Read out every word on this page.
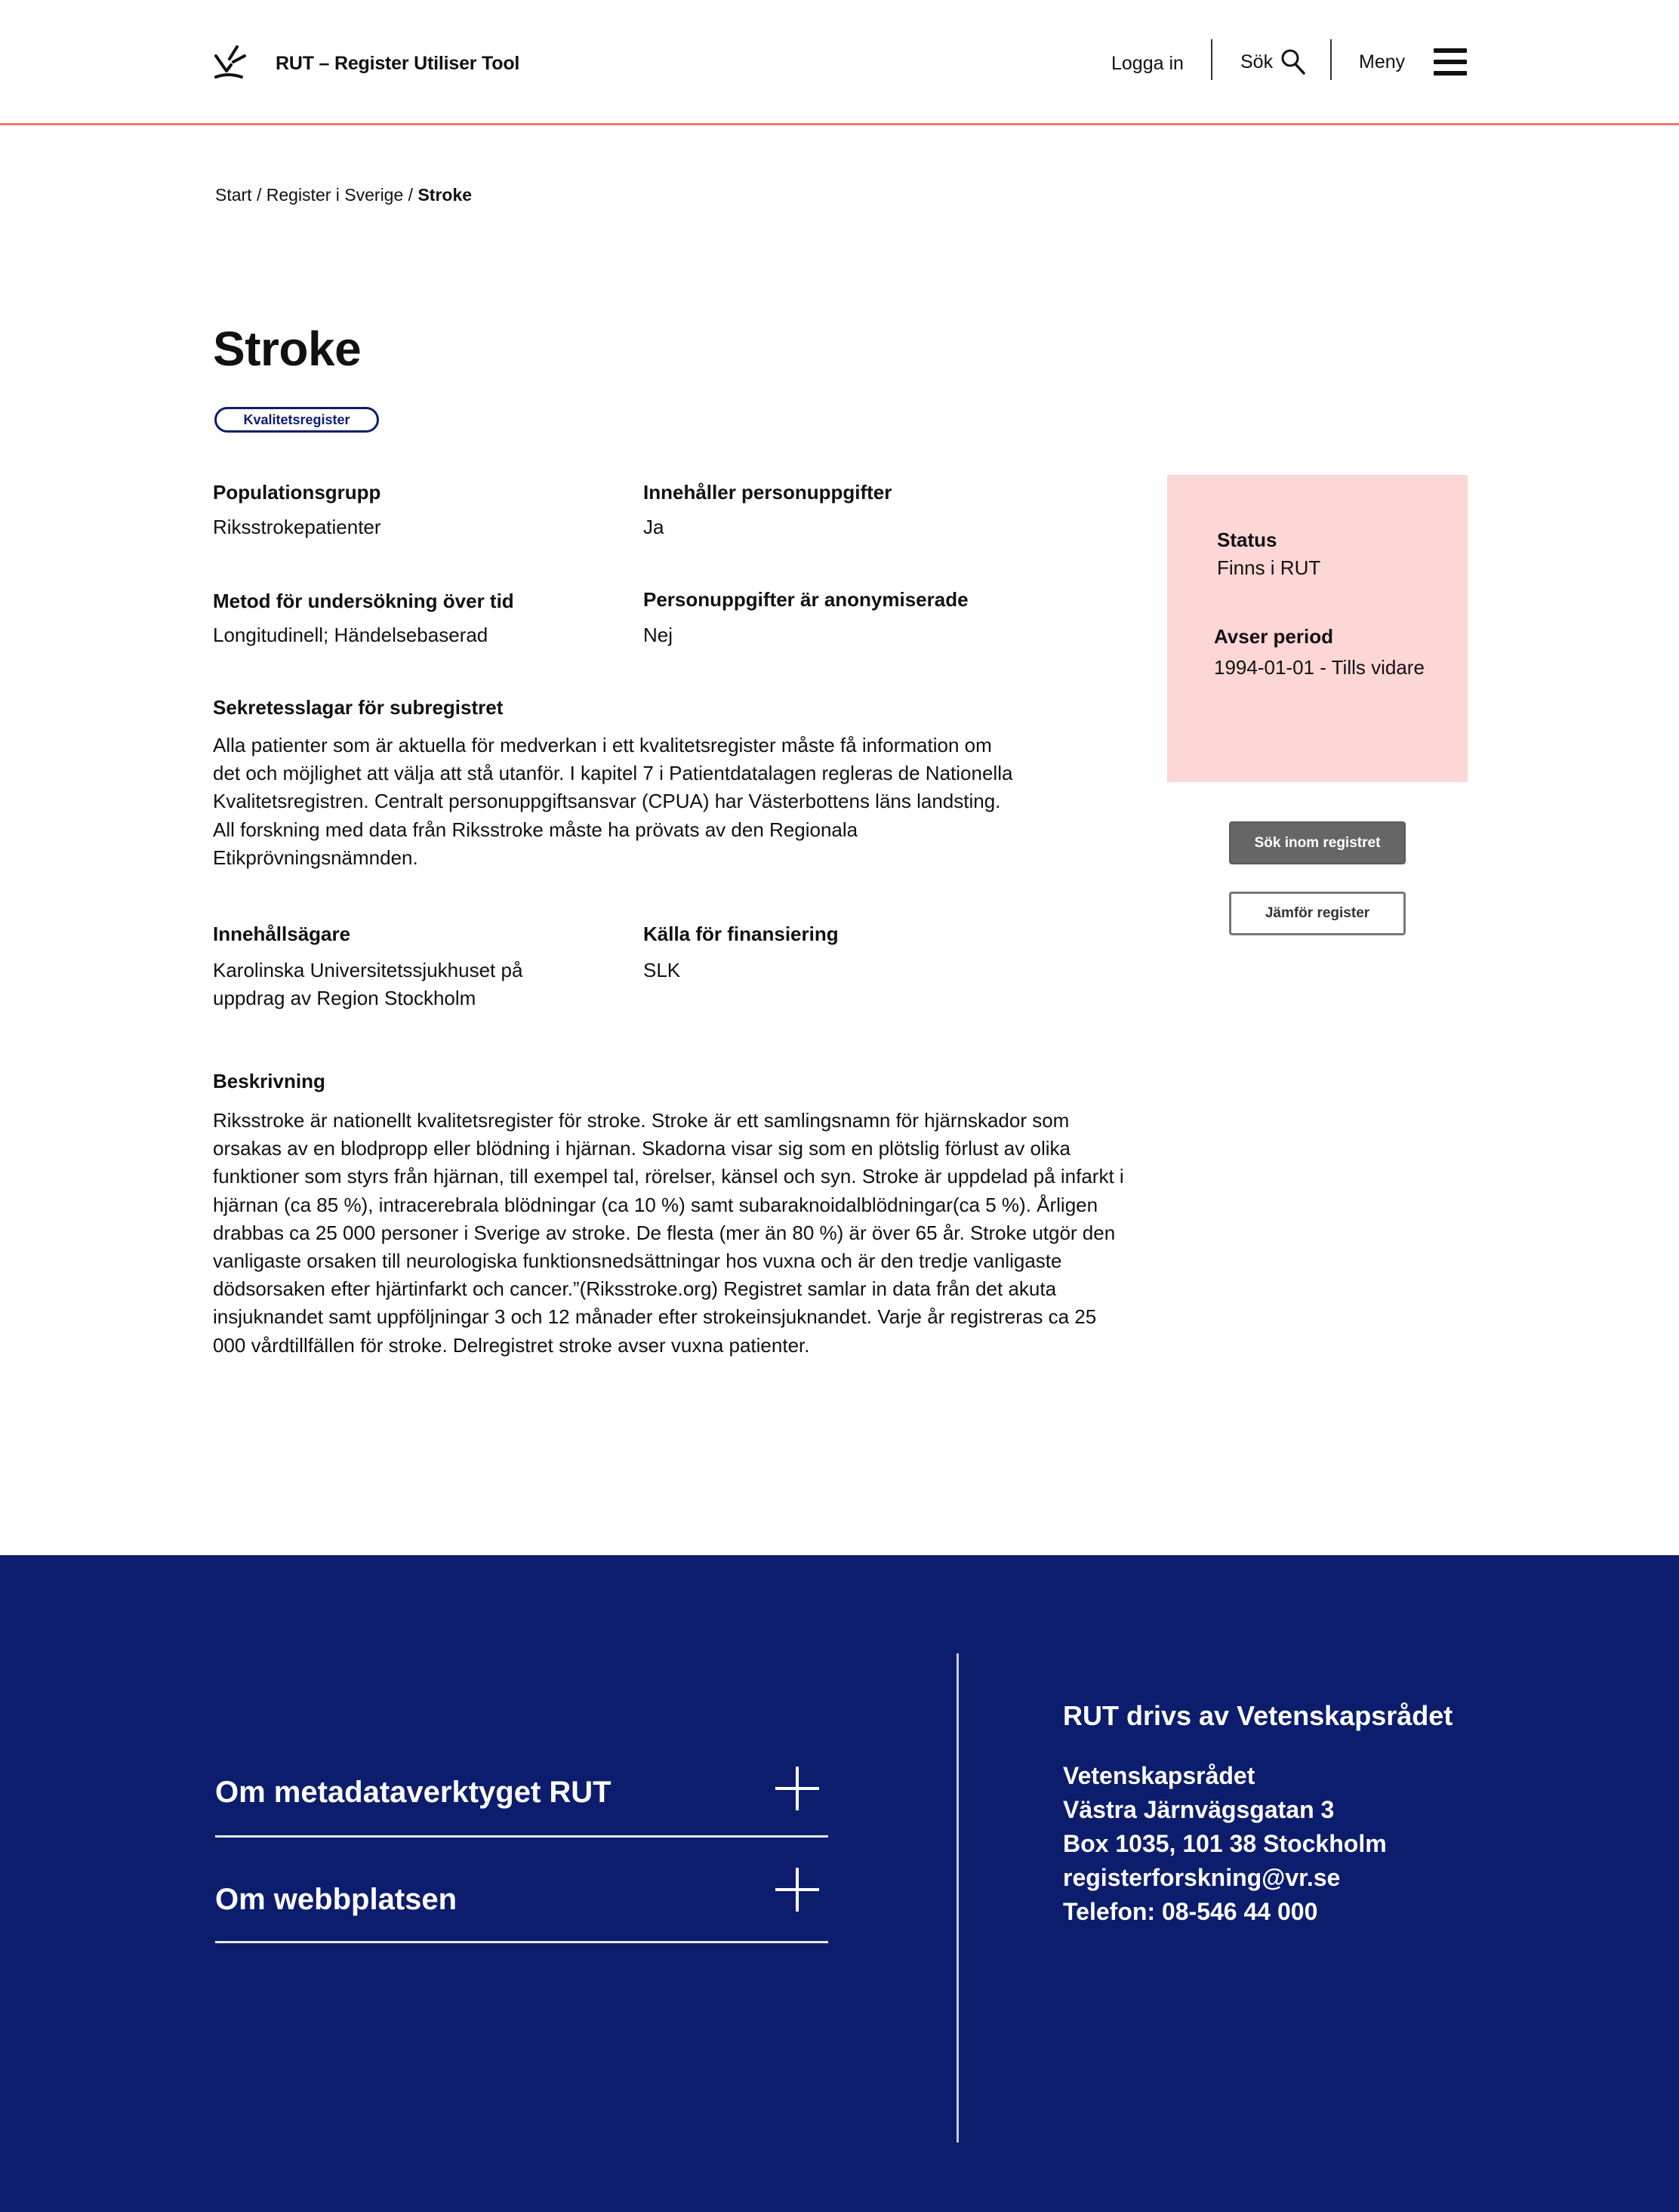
RUT – Register Utiliser Tool	Logga in	Sök	Meny
Start / Register i Sverige / Stroke
Stroke
Kvalitetsregister
Populationsgrupp
Riksstrokepatienter
Innehåller personuppgifter
Ja
Metod för undersökning över tid
Longitudinell; Händelsebaserad
Personuppgifter är anonymiserade
Nej
Sekretesslagar för subregistret
Alla patienter som är aktuella för medverkan i ett kvalitetsregister måste få information om
det och möjlighet att välja att stå utanför. I kapitel 7 i Patientdatalagen regleras de Nationella
Kvalitetsregistren. Centralt personuppgiftsansvar (CPUA) har Västerbottens läns landsting.
All forskning med data från Riksstroke måste ha prövats av den Regionala
Etikprövningsnämnden.
Innehållsägare
Karolinska Universitetssjukhuset på
uppdrag av Region Stockholm
Källa för finansiering
SLK
Beskrivning
Riksstroke är nationellt kvalitetsregister för stroke. Stroke är ett samlingsnamn för hjärnskador som
orsakas av en blodpropp eller blödning i hjärnan. Skadorna visar sig som en plötslig förlust av olika
funktioner som styrs från hjärnan, till exempel tal, rörelser, känsel och syn. Stroke är uppdelad på infarkt i
hjärnan (ca 85 %), intracerebrala blödningar (ca 10 %) samt subaraknoidalblödningar(ca 5 %). Årligen
drabbas ca 25 000 personer i Sverige av stroke. De flesta (mer än 80 %) är över 65 år. Stroke utgör den
vanligaste orsaken till neurologiska funktionsnedsättningar hos vuxna och är den tredje vanligaste
dödsorsaken efter hjärtinfarkt och cancer.”(Riksstroke.org) Registret samlar in data från det akuta
insjuknandet samt uppföljningar 3 och 12 månader efter strokeinsjuknandet. Varje år registreras ca 25
000 vårdtillfällen för stroke. Delregistret stroke avser vuxna patienter.
Status
Finns i RUT
Avser period
1994-01-01 - Tills vidare
Sök inom registret
Jämför register
Om metadataverktyget RUT
Om webbplatsen
RUT drivs av Vetenskapsrådet
Vetenskapsrådet
Västra Järnvägsgatan 3
Box 1035, 101 38 Stockholm
registerforskning@vr.se
Telefon: 08-546 44 000
